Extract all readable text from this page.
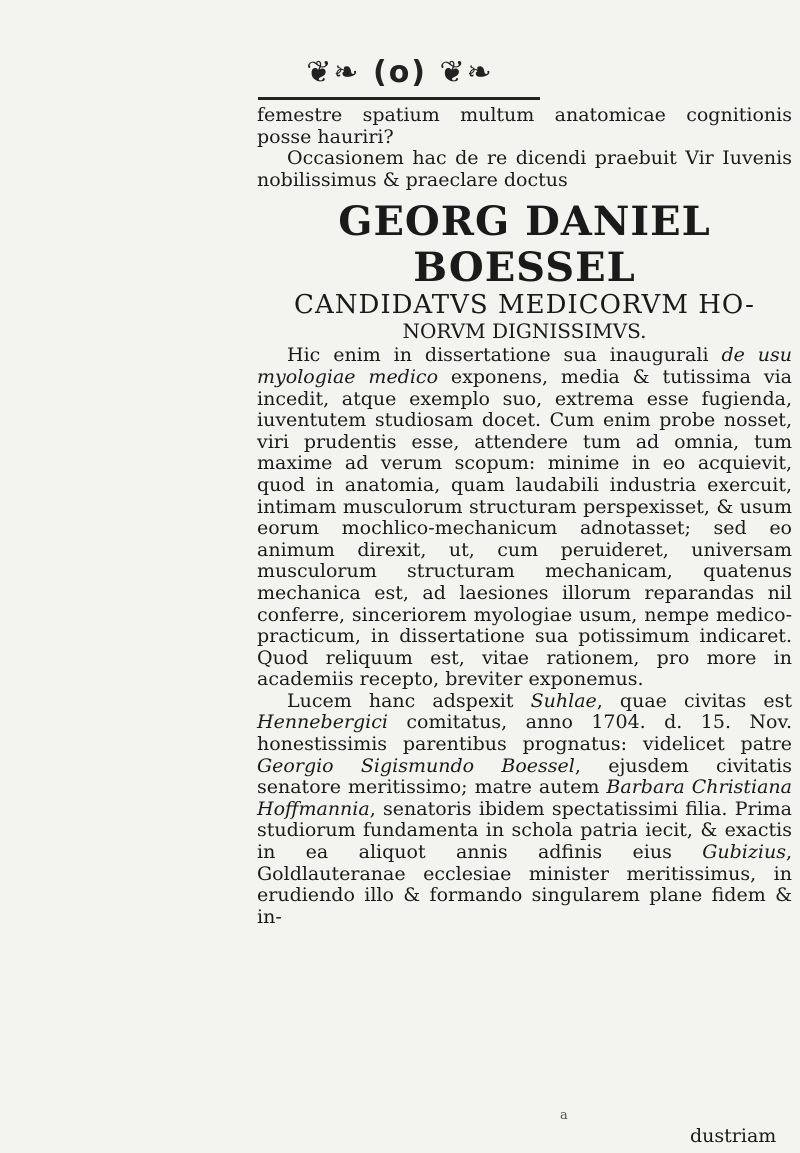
❦❧ (o) ❦❧

femestre spatium multum anatomicae cognitionis posse hauriri?

Occasionem hac de re dicendi praebuit Vir Iuvenis nobilissimus & praeclare doctus

GEORG DANIEL BOESSEL
CANDIDATVS MEDICORVM HO-
NORVM DIGNISSIMVS.

Hic enim in dissertatione sua inaugurali de usu myologiae medico exponens, media & tutissima via incedit, atque exemplo suo, extrema esse fugienda, iuventutem studiosam docet. Cum enim probe nosset, viri prudentis esse, attendere tum ad omnia, tum maxime ad verum scopum: minime in eo acquievit, quod in anatomia, quam laudabili industria exercuit, intimam musculorum structuram perspexisset, & usum eorum mochlico-mechanicum adnotasset; sed eo animum direxit, ut, cum peruideret, universam musculorum structuram mechanicam, quatenus mechanica est, ad laesiones illorum reparandas nil conferre, sinceriorem myologiae usum, nempe medico-practicum, in dissertatione sua potissimum indicaret. Quod reliquum est, vitae rationem, pro more in academiis recepto, breviter exponemus.

Lucem hanc adspexit Suhlae, quae civitas est Hennebergici comitatus, anno 1704. d. 15. Nov. honestissimis parentibus prognatus: videlicet patre Georgio Sigismundo Boessel, ejusdem civitatis senatore meritissimo; matre autem Barbara Christiana Hoffmannia, senatoris ibidem spectatissimi filia. Prima studiorum fundamenta in schola patria iecit, & exactis in ea aliquot annis adfinis eius Gubizius, Goldlauteranae ecclesiae minister meritissimus, in erudiendo illo & formando singularem plane fidem & in-

a
dustriam
